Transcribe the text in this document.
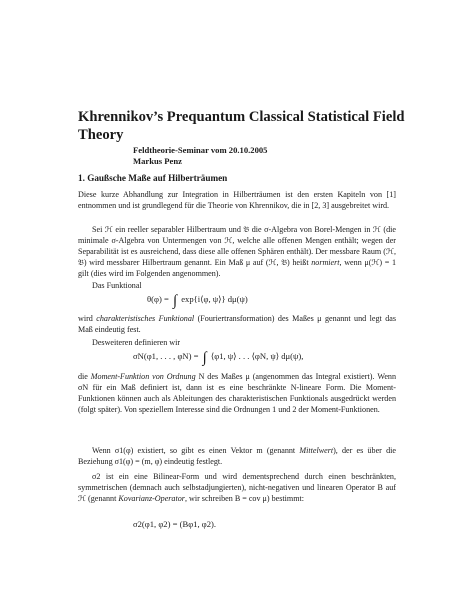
Khrennikov’s Prequantum Classical Statistical Field Theory
Feldtheorie-Seminar vom 20.10.2005
Markus Penz
1. Gaußsche Maße auf Hilberträumen
Diese kurze Abhandlung zur Integration in Hilberträumen ist den ersten Kapiteln von [1] entnommen und ist grundlegend für die Theorie von Khrennikov, die in [2, 3] ausgebreitet wird.
Sei ℋ ein reeller separabler Hilbertraum und 𝔅 die σ-Algebra von Borel-Mengen in ℋ (die minimale σ-Algebra von Untermengen von ℋ, welche alle offenen Mengen enthält; wegen der Separabilität ist es ausreichend, dass diese alle offenen Sphären enthält). Der messbare Raum (ℋ, 𝔅) wird messbarer Hilbertraum genannt. Ein Maß μ auf (ℋ, 𝔅) heißt normiert, wenn μ(ℋ) = 1 gilt (dies wird im Folgenden angenommen).
Das Funktional
θ(φ) = ∫ exp{i⟨φ, ψ⟩} dμ(ψ)
wird charakteristisches Funktional (Fouriertransformation) des Maßes μ genannt und legt das Maß eindeutig fest.
Desweiteren definieren wir
σN(φ1, . . . , φN) = ∫ ⟨φ1, ψ⟩ . . . ⟨φN, ψ⟩ dμ(ψ),
die Moment-Funktion von Ordnung N des Maßes μ (angenommen das Integral existiert). Wenn σN für ein Maß definiert ist, dann ist es eine beschränkte N-lineare Form. Die Moment-Funktionen können auch als Ableitungen des charakteristischen Funktionals ausgedrückt werden (folgt später). Von speziellem Interesse sind die Ordnungen 1 und 2 der Moment-Funktionen.
Wenn σ1(φ) existiert, so gibt es einen Vektor m (genannt Mittelwert), der es über die Beziehung σ1(φ) = (m, φ) eindeutig festlegt.
σ2 ist ein eine Bilinear-Form und wird dementsprechend durch einen beschränkten, symmetrischen (demnach auch selbstadjungierten), nicht-negativen und linearen Operator B auf ℋ (genannt Kovarianz-Operator, wir schreiben B = cov μ) bestimmt:
σ2(φ1, φ2) = (Bφ1, φ2).
